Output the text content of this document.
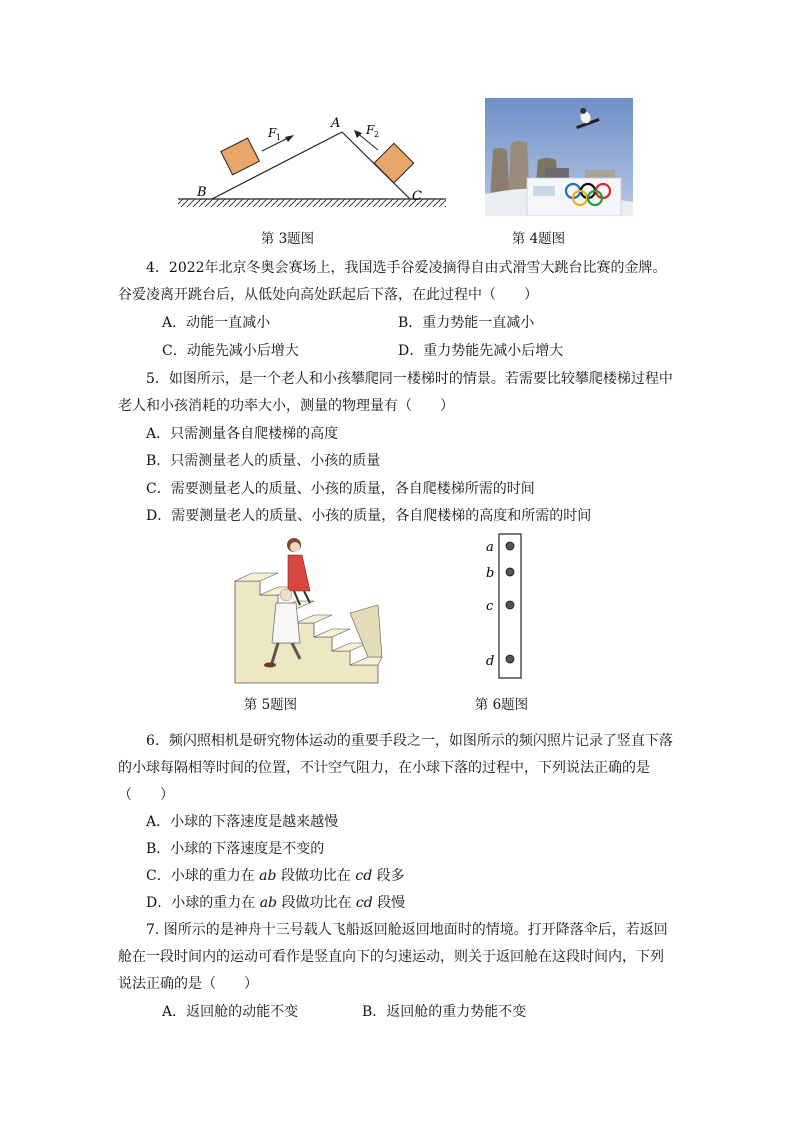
A
B	C
F 1
F 2
第 3题图	第 4题图
4．2022年北京冬奥会赛场上，我国选手谷爱凌摘得自由式滑雪大跳台比赛的金牌。
谷爱凌离开跳台后，从低处向高处跃起后下落，在此过程中（　　）
A．动能一直减小	B．重力势能一直减小
C．动能先减小后增大	D．重力势能先减小后增大
5．如图所示，是一个老人和小孩攀爬同一楼梯时的情景。若需要比较攀爬楼梯过程中
老人和小孩消耗的功率大小，测量的物理量有（　　）
A．只需测量各自爬楼梯的高度
B．只需测量老人的质量、小孩的质量
C．需要测量老人的质量、小孩的质量，各自爬楼梯所需的时间
D．需要测量老人的质量、小孩的质量，各自爬楼梯的高度和所需的时间
第 5题图
a
b
c
d
第 6题图
6．频闪照相机是研究物体运动的重要手段之一，如图所示的频闪照片记录了竖直下落
的小球每隔相等时间的位置，不计空气阻力，在小球下落的过程中，下列说法正确的是
（　　）
A．小球的下落速度是越来越慢
B．小球的下落速度是不变的
C．小球的重力在 ab 段做功比在 cd 段多
D．小球的重力在 ab 段做功比在 cd 段慢
7. 图所示的是神舟十三号载人飞船返回舱返回地面时的情境。打开降落伞后，若返回
舱在一段时间内的运动可看作是竖直向下的匀速运动，则关于返回舱在这段时间内，下列
说法正确的是（　　）
A．返回舱的动能不变	B．返回舱的重力势能不变
